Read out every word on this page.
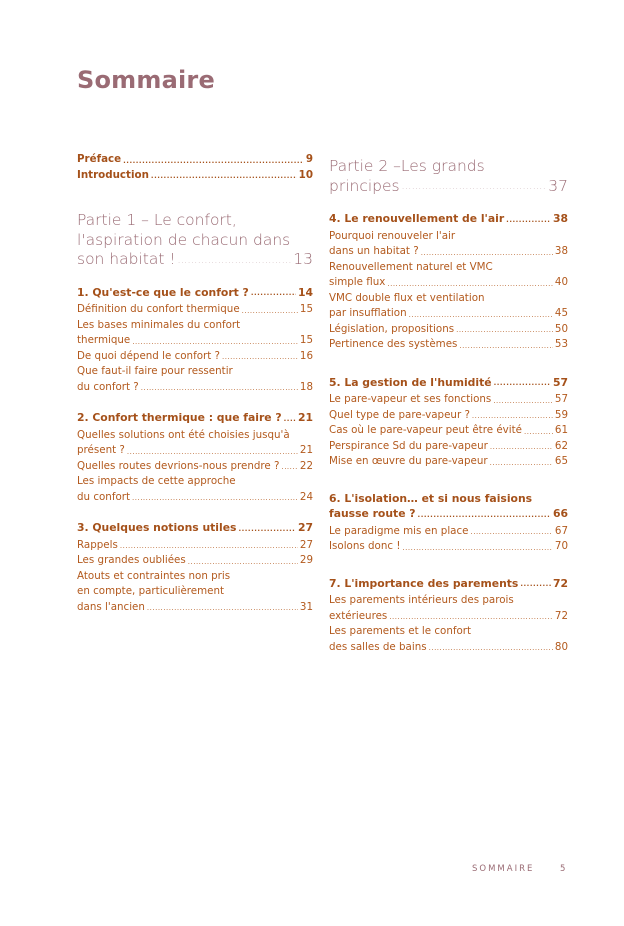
Sommaire
Préface .....	9
Introduction .....	10
Partie 1 – Le confort,
l'aspiration de chacun dans
son habitat ! .....	13
1. Qu'est-ce que le confort ? .....	14
Définition du confort thermique .....	15
Les bases minimales du confort
thermique .....	15
De quoi dépend le confort ? .....	16
Que faut-il faire pour ressentir
du confort ? .....	18
2. Confort thermique : que faire ? ..... 21
Quelles solutions ont été choisies jusqu'à
présent ? .....	21
Quelles routes devrions-nous prendre ? ..... 22
Les impacts de cette approche
du confort .....	24
3. Quelques notions utiles .....	27
Rappels .....	27
Les grandes oubliées .....	29
Atouts et contraintes non pris
en compte, particulièrement
dans l'ancien .....	31
Partie 2 –Les grands
principes .....	37
4. Le renouvellement de l'air .....	38
Pourquoi renouveler l'air
dans un habitat ? .....	38
Renouvellement naturel et VMC
simple flux .....	40
VMC double flux et ventilation
par insufflation .....	45
Législation, propositions .....	50
Pertinence des systèmes .....	53
5. La gestion de l'humidité .....	57
Le pare-vapeur et ses fonctions .....	57
Quel type de pare-vapeur ? .....	59
Cas où le pare-vapeur peut être évité .....	61
Perspirance Sd du pare-vapeur .....	62
Mise en œuvre du pare-vapeur .....	65
6. L'isolation… et si nous faisions
fausse route ? .....	66
Le paradigme mis en place .....	67
Isolons donc ! .....	70
7. L'importance des parements .....	72
Les parements intérieurs des parois
extérieures .....	72
Les parements et le confort
des salles de bains .....	80
SOMMAIRE	5
